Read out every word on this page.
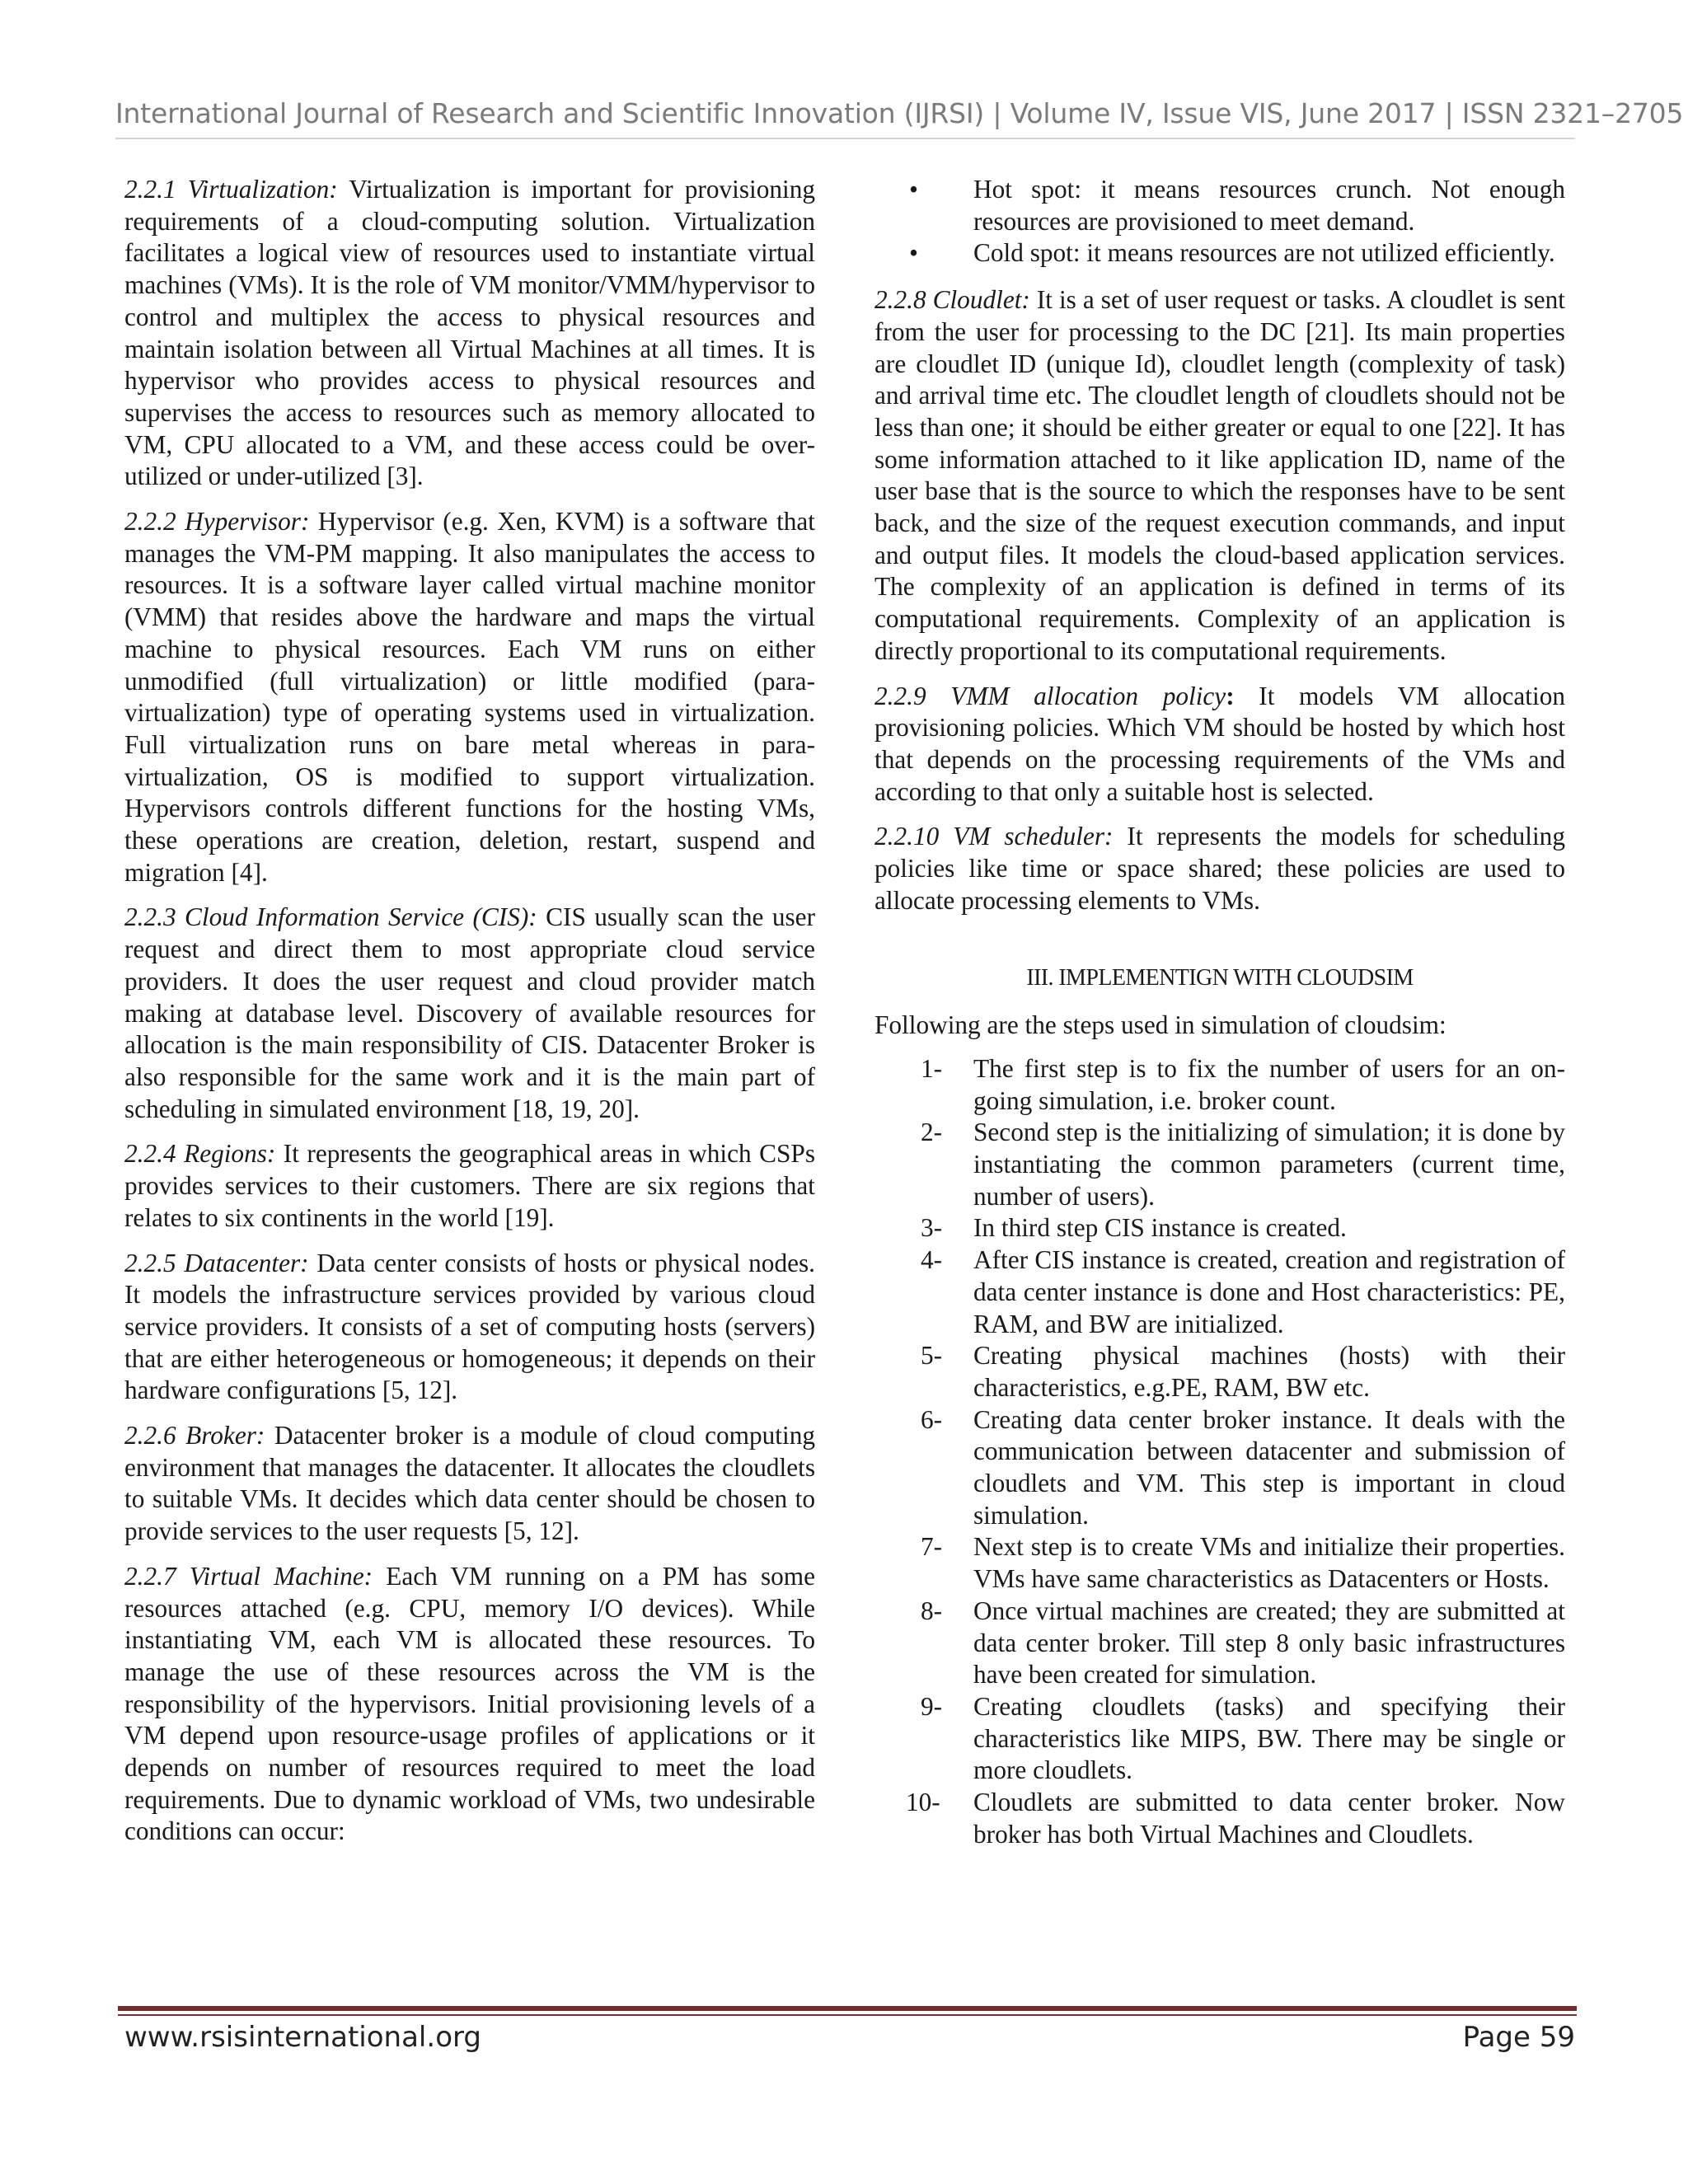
International Journal of Research and Scientific Innovation (IJRSI) | Volume IV, Issue VIS, June 2017 | ISSN 2321–2705

2.2.1 Virtualization: Virtualization is important for provisioning requirements of a cloud-computing solution. Virtualization facilitates a logical view of resources used to instantiate virtual machines (VMs). It is the role of VM monitor/VMM/hypervisor to control and multiplex the access to physical resources and maintain isolation between all Virtual Machines at all times. It is hypervisor who provides access to physical resources and supervises the access to resources such as memory allocated to VM, CPU allocated to a VM, and these access could be over-utilized or under-utilized [3].

2.2.2 Hypervisor: Hypervisor (e.g. Xen, KVM) is a software that manages the VM-PM mapping. It also manipulates the access to resources. It is a software layer called virtual machine monitor (VMM) that resides above the hardware and maps the virtual machine to physical resources. Each VM runs on either unmodified (full virtualization) or little modified (para-virtualization) type of operating systems used in virtualization. Full virtualization runs on bare metal whereas in para-virtualization, OS is modified to support virtualization. Hypervisors controls different functions for the hosting VMs, these operations are creation, deletion, restart, suspend and migration [4].

2.2.3 Cloud Information Service (CIS): CIS usually scan the user request and direct them to most appropriate cloud service providers. It does the user request and cloud provider match making at database level. Discovery of available resources for allocation is the main responsibility of CIS. Datacenter Broker is also responsible for the same work and it is the main part of scheduling in simulated environment [18, 19, 20].

2.2.4 Regions: It represents the geographical areas in which CSPs provides services to their customers. There are six regions that relates to six continents in the world [19].

2.2.5 Datacenter: Data center consists of hosts or physical nodes. It models the infrastructure services provided by various cloud service providers. It consists of a set of computing hosts (servers) that are either heterogeneous or homogeneous; it depends on their hardware configurations [5, 12].

2.2.6 Broker: Datacenter broker is a module of cloud computing environment that manages the datacenter. It allocates the cloudlets to suitable VMs. It decides which data center should be chosen to provide services to the user requests [5, 12].

2.2.7 Virtual Machine: Each VM running on a PM has some resources attached (e.g. CPU, memory I/O devices). While instantiating VM, each VM is allocated these resources. To manage the use of these resources across the VM is the responsibility of the hypervisors. Initial provisioning levels of a VM depend upon resource-usage profiles of applications or it depends on number of resources required to meet the load requirements. Due to dynamic workload of VMs, two undesirable conditions can occur:

• Hot spot: it means resources crunch. Not enough resources are provisioned to meet demand.
• Cold spot: it means resources are not utilized efficiently.

2.2.8 Cloudlet: It is a set of user request or tasks. A cloudlet is sent from the user for processing to the DC [21]. Its main properties are cloudlet ID (unique Id), cloudlet length (complexity of task) and arrival time etc. The cloudlet length of cloudlets should not be less than one; it should be either greater or equal to one [22]. It has some information attached to it like application ID, name of the user base that is the source to which the responses have to be sent back, and the size of the request execution commands, and input and output files. It models the cloud-based application services. The complexity of an application is defined in terms of its computational requirements. Complexity of an application is directly proportional to its computational requirements.

2.2.9 VMM allocation policy: It models VM allocation provisioning policies. Which VM should be hosted by which host that depends on the processing requirements of the VMs and according to that only a suitable host is selected.

2.2.10 VM scheduler: It represents the models for scheduling policies like time or space shared; these policies are used to allocate processing elements to VMs.

III. IMPLEMENTIGN WITH CLOUDSIM

Following are the steps used in simulation of cloudsim:

1- The first step is to fix the number of users for an on-going simulation, i.e. broker count.
2- Second step is the initializing of simulation; it is done by instantiating the common parameters (current time, number of users).
3- In third step CIS instance is created.
4- After CIS instance is created, creation and registration of data center instance is done and Host characteristics: PE, RAM, and BW are initialized.
5- Creating physical machines (hosts) with their characteristics, e.g.PE, RAM, BW etc.
6- Creating data center broker instance. It deals with the communication between datacenter and submission of cloudlets and VM. This step is important in cloud simulation.
7- Next step is to create VMs and initialize their properties. VMs have same characteristics as Datacenters or Hosts.
8- Once virtual machines are created; they are submitted at data center broker. Till step 8 only basic infrastructures have been created for simulation.
9- Creating cloudlets (tasks) and specifying their characteristics like MIPS, BW. There may be single or more cloudlets.
10- Cloudlets are submitted to data center broker. Now broker has both Virtual Machines and Cloudlets.
www.rsisinternational.org	Page 59
